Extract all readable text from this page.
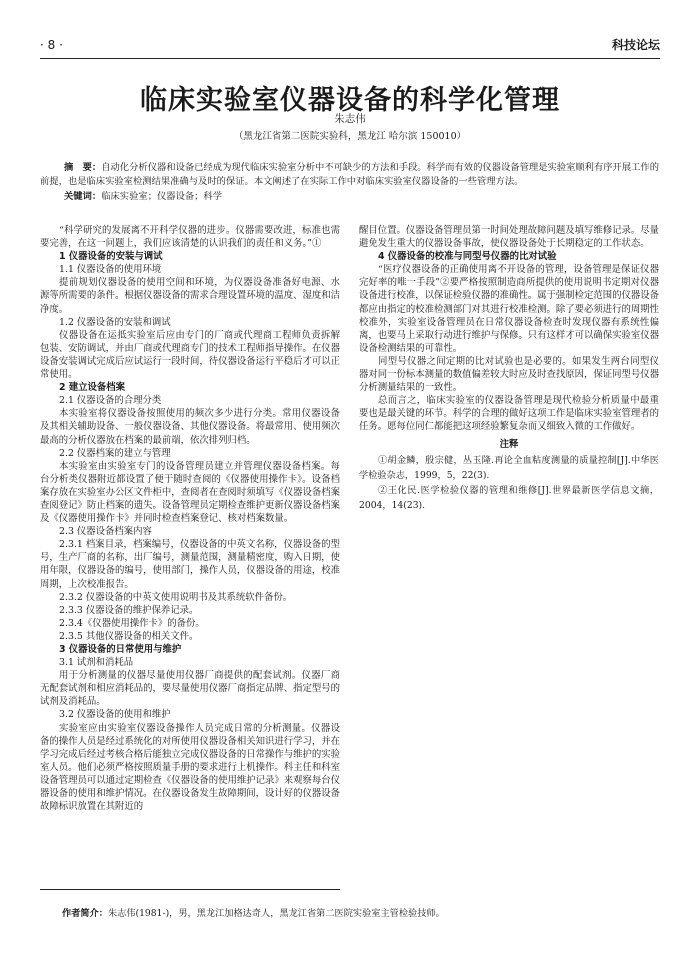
· 8 ·	科技论坛
临床实验室仪器设备的科学化管理
朱志伟
（黑龙江省第二医院实验科，黑龙江 哈尔滨 150010）
摘　要：自动化分析仪器和设备已经成为现代临床实验室分析中不可缺少的方法和手段。科学而有效的仪器设备管理是实验室顺利有序开展工作的前提，也是临床实验室检测结果准确与及时的保证。本文阐述了在实际工作中对临床实验室仪器设备的一些管理方法。
关键词：临床实验室；仪器设备；科学

“科学研究的发展离不开科学仪器的进步。仪器需要改进，标准也需要完善，在这一问题上，我们应该清楚的认识我们的责任和义务。”①

1 仪器设备的安装与调试
1.1 仪器设备的使用环境

提前规划仪器设备的使用空间和环境，为仪器设备准备好电源、水源等所需要的条件。根据仪器设备的需求合理设置环境的温度、湿度和洁净度。

1.2 仪器设备的安装和调试

仪器设备在运抵实验室后应由专门的厂商或代理商工程师负责拆解包装、安防调试，并由厂商或代理商专门的技术工程师指导操作。在仪器设备安装调试完成后应试运行一段时间，待仪器设备运行平稳后才可以正常使用。

2 建立设备档案
2.1 仪器设备的合理分类

本实验室将仪器设备按照使用的频次多少进行分类。常用仪器设备及其相关辅助设备、一般仪器设备、其他仪器设备。将最常用、使用频次最高的分析仪器放在档案的最前端，依次排列归档。

2.2 仪器档案的建立与管理

本实验室由实验室专门的设备管理员建立并管理仪器设备档案。每台分析类仪器附近都设置了便于随时查阅的《仪器使用操作卡》。设备档案存放在实验室办公区文件柜中，查阅者在查阅时须填写《仪器设备档案查阅登记》防止档案的遗失。设备管理员定期检查维护更新仪器设备档案及《仪器使用操作卡》并同时检查档案登记、核对档案数量。

2.3 仪器设备档案内容

2.3.1 档案目录，档案编号，仪器设备的中英文名称，仪器设备的型号，生产厂商的名称，出厂编号，测量范围，测量精密度，购入日期，使用年限，仪器设备的编号，使用部门，操作人员，仪器设备的用途，校准周期，上次校准报告。

2.3.2 仪器设备的中英文使用说明书及其系统软件备份。

2.3.3 仪器设备的维护保养记录。

2.3.4《仪器使用操作卡》的备份。

2.3.5 其他仪器设备的相关文件。

3 仪器设备的日常使用与维护
3.1 试剂和消耗品

用于分析测量的仪器尽量使用仪器厂商提供的配套试剂。仪器厂商无配套试剂和相应消耗品的，要尽量使用仪器厂商指定品牌、指定型号的试剂及消耗品。

3.2 仪器设备的使用和维护

实验室应由实验室仪器设备操作人员完成日常的分析测量。仪器设备的操作人员是经过系统化的对所使用仪器设备相关知识进行学习，并在学习完成后经过考核合格后能独立完成仪器设备的日常操作与维护的实验室人员。他们必须严格按照质量手册的要求进行上机操作。科主任和科室设备管理员可以通过定期检查《仪器设备的使用维护记录》来观察每台仪器设备的使用和维护情况。在仪器设备发生故障期间，设计好的仪器设备故障标识放置在其附近的

醒目位置。仪器设备管理员第一时间处理故障问题及填写维修记录。尽量避免发生重大的仪器设备事故，使仪器设备处于长期稳定的工作状态。

4 仪器设备的校准与同型号仪器的比对试验

“医疗仪器设备的正确使用离不开设备的管理，设备管理是保证仪器完好率的唯一手段”②要严格按照制造商所提供的使用说明书定期对仪器设备进行校准，以保证检验仪器的准确性。属于强制检定范围的仪器设备都应由指定的校准检测部门对其进行校准检测。除了要必须进行的周期性校准外，实验室设备管理员在日常仪器设备检查时发现仪器有系统性偏离，也要马上采取行动进行维护与保修。只有这样才可以确保实验室仪器设备检测结果的可靠性。

同型号仪器之间定期的比对试验也是必要的。如果发生两台同型仪器对同一份标本测量的数值偏差较大时应及时查找原因，保证同型号仪器分析测量结果的一致性。

总而言之，临床实验室的仪器设备管理是现代检验分析质量中最重要也是最关键的环节。科学的合理的做好这项工作是临床实验室管理者的任务。愿每位同仁都能把这项经验繁复杂而又细致入微的工作做好。

注释

①胡金鳞，殷宗健，丛玉隆.再论全血粘度测量的质量控制[J].中华医学检验杂志，1999，5，22(3).

②王化民.医学检验仪器的管理和维修[J].世界最新医学信息文摘，2004，14(23).

作者简介：朱志伟(1981-)，男，黑龙江加格达奇人，黑龙江省第二医院实验室主管检验技师。
